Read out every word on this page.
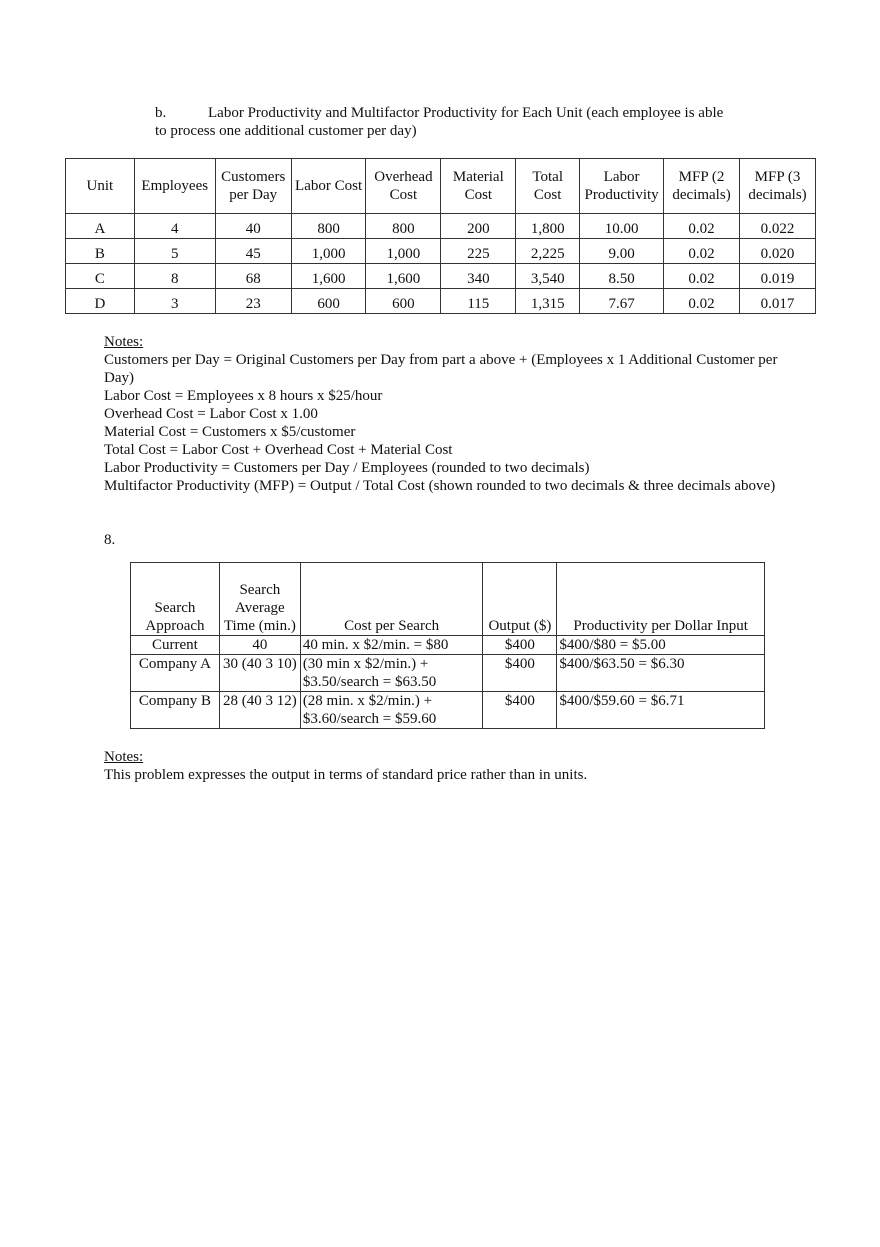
b.	Labor Productivity and Multifactor Productivity for Each Unit (each employee is able
to process one additional customer per day)
Unit	Employees	Customers per Day	Labor Cost	Overhead Cost	Material Cost	Total Cost	Labor Productivity	MFP (2 decimals)	MFP (3 decimals)
A	4	40	800	800	200	1,800	10.00	0.02	0.022
B	5	45	1,000	1,000	225	2,225	9.00	0.02	0.020
C	8	68	1,600	1,600	340	3,540	8.50	0.02	0.019
D	3	23	600	600	115	1,315	7.67	0.02	0.017
Notes:
Customers per Day = Original Customers per Day from part a above + (Employees x 1 Additional Customer per Day)
Labor Cost = Employees x 8 hours x $25/hour
Overhead Cost = Labor Cost x 1.00
Material Cost = Customers x $5/customer
Total Cost = Labor Cost + Overhead Cost + Material Cost
Labor Productivity = Customers per Day / Employees (rounded to two decimals)
Multifactor Productivity (MFP) = Output / Total Cost (shown rounded to two decimals & three decimals above)
8.
Search Approach	Search Average Time (min.)	Cost per Search	Output ($)	Productivity per Dollar Input
Current	40	40 min. x $2/min. = $80	$400	$400/$80 = $5.00
Company A	30 (40 3 10)	(30 min x $2/min.) + $3.50/search = $63.50	$400	$400/$63.50 = $6.30
Company B	28 (40 3 12)	(28 min. x $2/min.) + $3.60/search = $59.60	$400	$400/$59.60 = $6.71
Notes:
This problem expresses the output in terms of standard price rather than in units.
